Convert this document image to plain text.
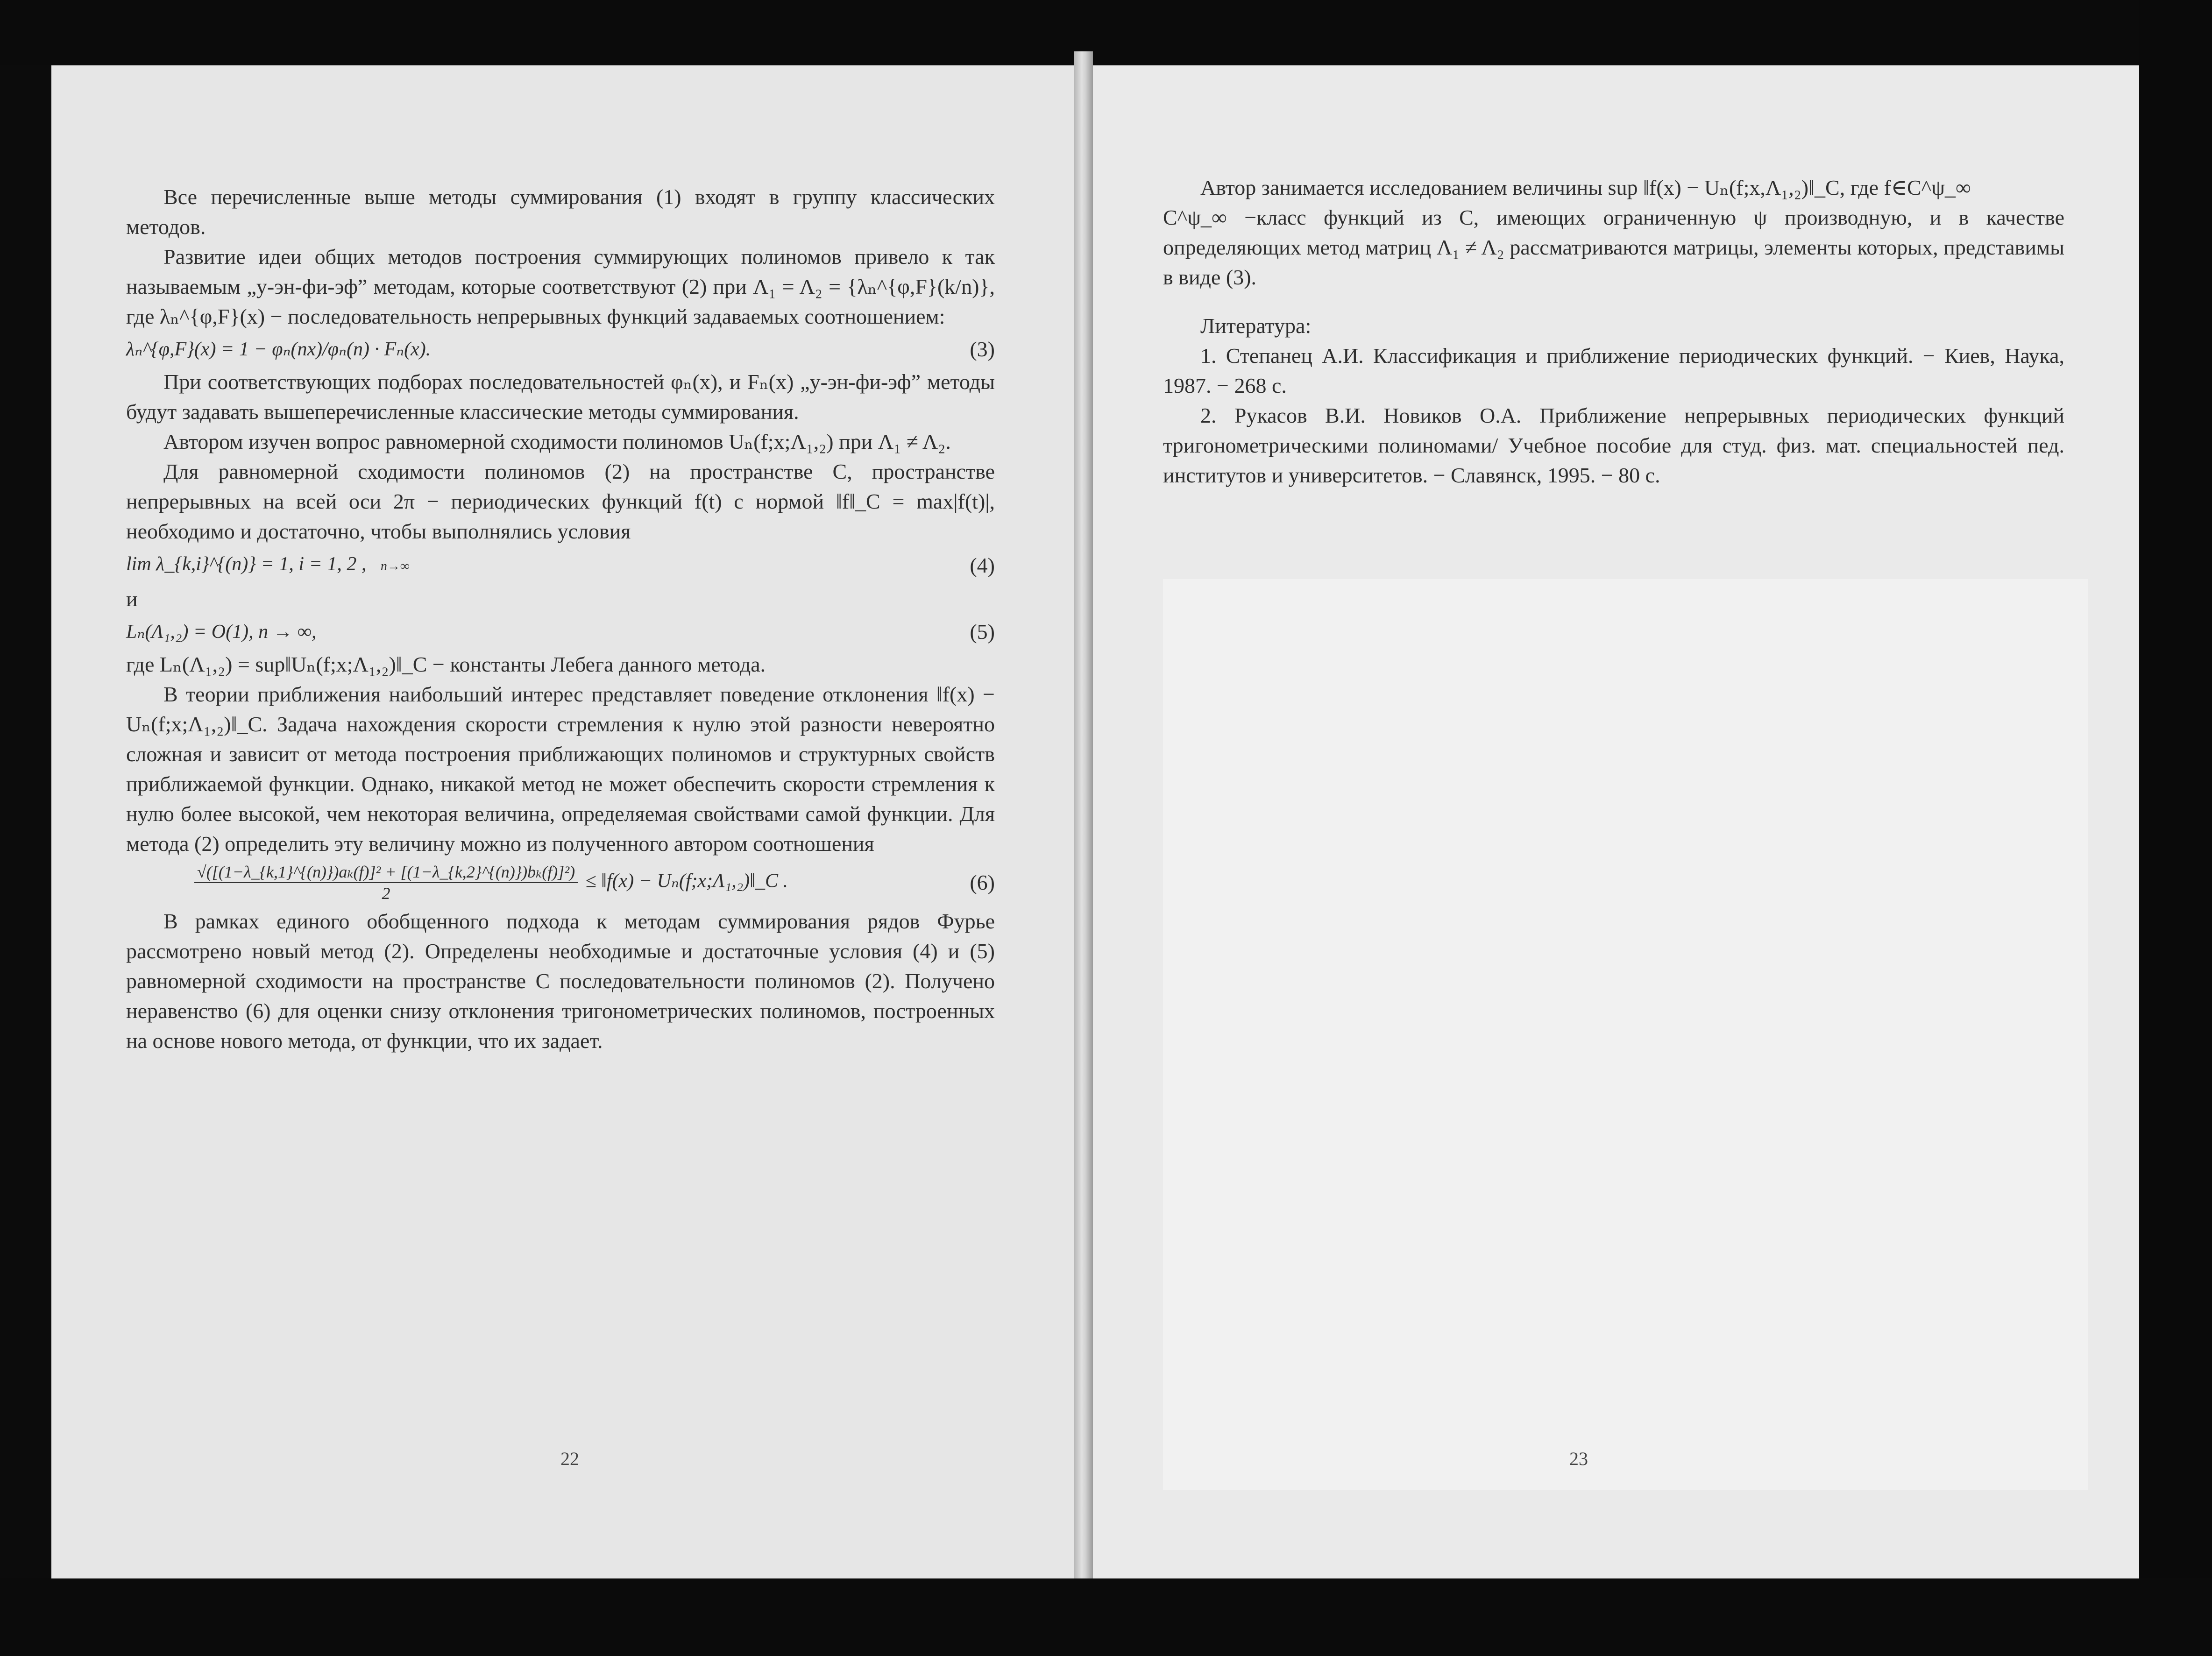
Все перечисленные выше методы суммирования (1) входят в группу классических методов.

Развитие идеи общих методов построения суммирующих полиномов привело к так называемым „у-эн-фи-эф” методам, которые соответствуют (2) при Λ₁ = Λ₂ = {λₙ^{φ,F}(k/n)}, где λₙ^{φ,F}(x) − последовательность непрерывных функций задаваемых соотношением:

λₙ^{φ,F}(x) = 1 − φₙ(nx)/φₙ(n) · Fₙ(x).	(3)

При соответствующих подборах последовательностей φₙ(x), и Fₙ(x) „у-эн-фи-эф” методы будут задавать вышеперечисленные классические методы суммирования.

Автором изучен вопрос равномерной сходимости полиномов Uₙ(f;x;Λ₁,₂) при Λ₁ ≠ Λ₂.

Для равномерной сходимости полиномов (2) на пространстве C, пространстве непрерывных на всей оси 2π − периодических функций f(t) с нормой ‖f‖_C = max|f(t)|, необходимо и достаточно, чтобы выполнялись условия

lim λ_{k,i}^{(n)} = 1, i = 1, 2 , n→∞	(4)

и

Lₙ(Λ₁,₂) = O(1), n → ∞,	(5)

где Lₙ(Λ₁,₂) = sup‖Uₙ(f;x;Λ₁,₂)‖_C − константы Лебега данного метода.

В теории приближения наибольший интерес представляет поведение отклонения ‖f(x) − Uₙ(f;x;Λ₁,₂)‖_C. Задача нахождения скорости стремления к нулю этой разности невероятно сложная и зависит от метода построения приближающих полиномов и структурных свойств приближаемой функции. Однако, никакой метод не может обеспечить скорости стремления к нулю более высокой, чем некоторая величина, определяемая свойствами самой функции. Для метода (2) определить эту величину можно из полученного автором соотношения

$\frac{\text{√([(1−λ\_\{k,1\}\textasciicircum{}\{(n)\})aₖ(f)]² + [(1−λ\_\{k,2\}\textasciicircum{}\{(n)\})bₖ(f)]²)}}{2}$ ≤ ‖f(x) − Uₙ(f;x;Λ₁,₂)‖_C .	(6)

В рамках единого обобщенного подхода к методам суммирования рядов Фурье рассмотрено новый метод (2). Определены необходимые и достаточные условия (4) и (5) равномерной сходимости на пространстве C последовательности полиномов (2). Получено неравенство (6) для оценки снизу отклонения тригонометрических полиномов, построенных на основе нового метода, от функции, что их задает.

22

Автор занимается исследованием величины sup ‖f(x) − Uₙ(f;x,Λ₁,₂)‖_C, где f∈C^ψ_∞

C^ψ_∞ −класс функций из C, имеющих ограниченную ψ производную, и в качестве определяющих метод матриц Λ₁ ≠ Λ₂ рассматриваются матрицы, элементы которых, представимы в виде (3).

Литература:

1. Степанец А.И. Классификация и приближение периодических функций. − Киев, Наука, 1987. − 268 с.

2. Рукасов В.И. Новиков О.А. Приближение непрерывных периодических функций тригонометрическими полиномами/ Учебное пособие для студ. физ. мат. специальностей пед. институтов и университетов. − Славянск, 1995. − 80 с.

23
